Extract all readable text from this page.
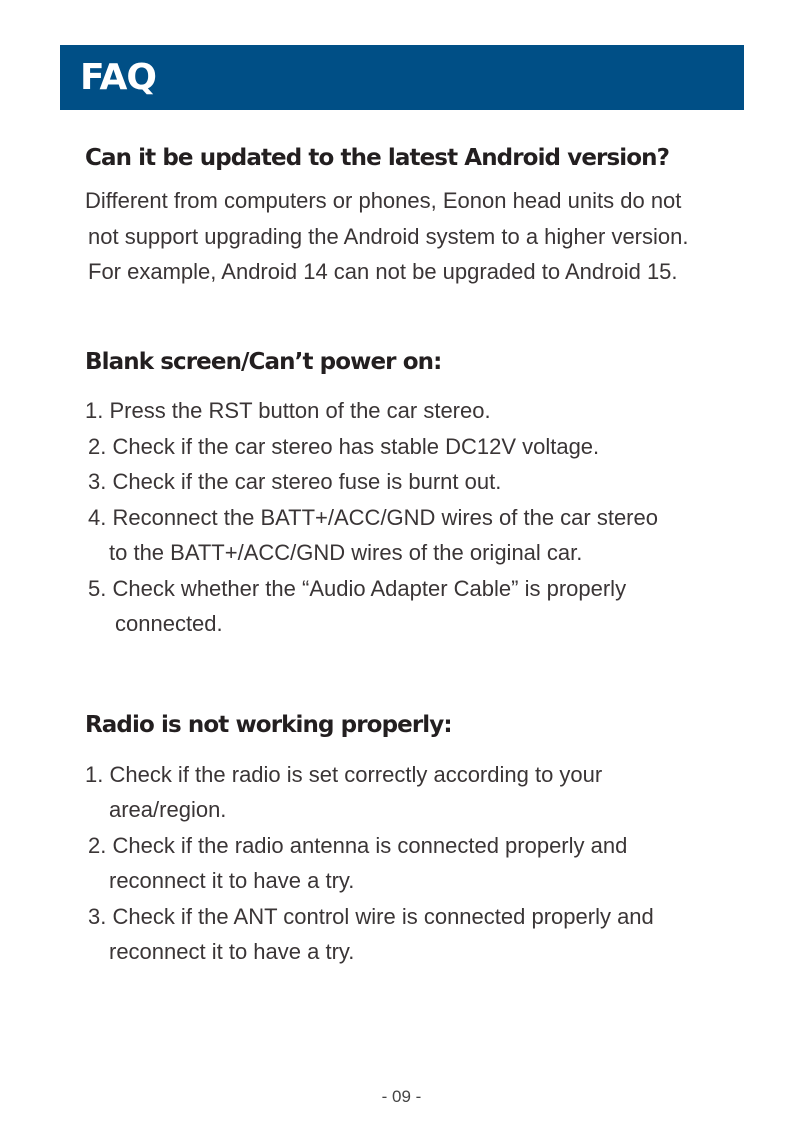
FAQ
Can it be updated to the latest Android version?
Different from computers or phones, Eonon head units do not
not support upgrading the Android system to a higher version.
For example, Android 14 can not be upgraded to Android 15.
Blank screen/Can’t power on:
1. Press the RST button of the car stereo.
2. Check if the car stereo has stable DC12V voltage.
3. Check if the car stereo fuse is burnt out.
4. Reconnect the BATT+/ACC/GND wires of the car stereo
to the BATT+/ACC/GND wires of the original car.
5. Check whether the “Audio Adapter Cable” is properly
connected.
Radio is not working properly:
1. Check if the radio is set correctly according to your
area/region.
2. Check if the radio antenna is connected properly and
reconnect it to have a try.
3. Check if the ANT control wire is connected properly and
reconnect it to have a try.
- 09 -
